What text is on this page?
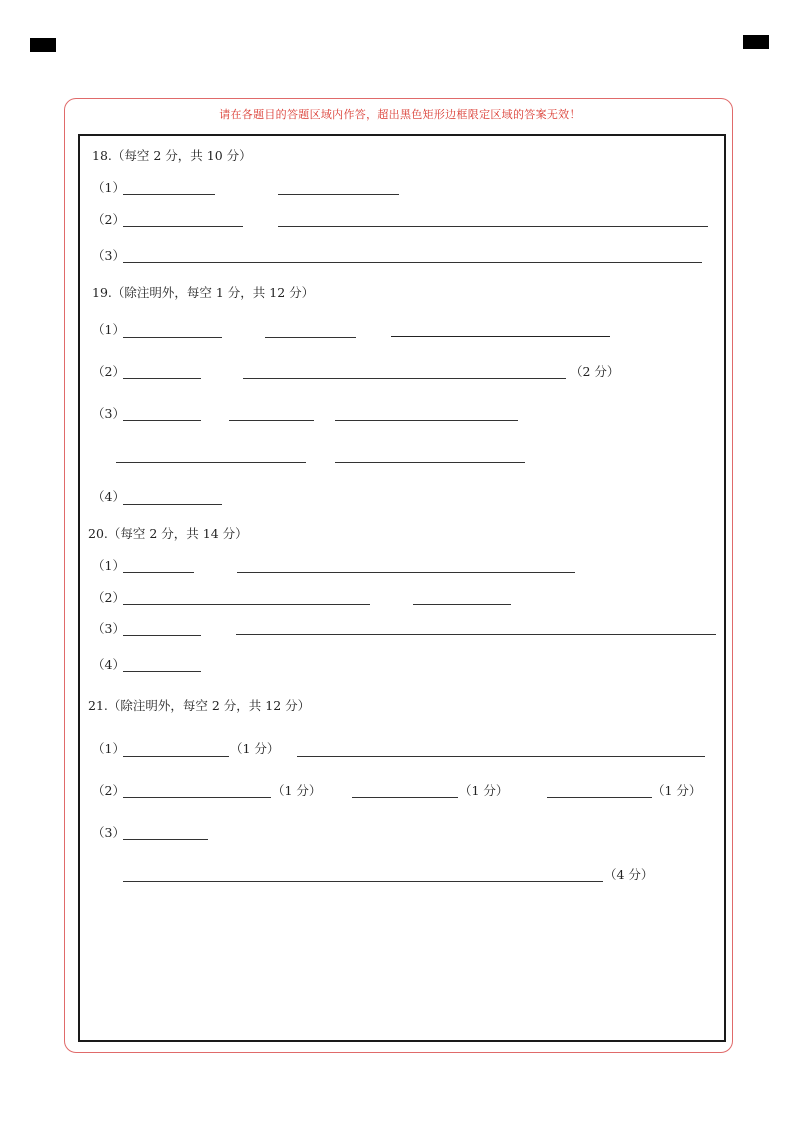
请在各题目的答题区域内作答，超出黑色矩形边框限定区域的答案无效！
18.（每空 2 分，共 10 分）
（1）
（2）
（3）
19.（除注明外，每空 1 分，共 12 分）
（1）
（2）	（2 分）
（3）
（4）
20.（每空 2 分，共 14 分）
（1）
（2）
（3）
（4）
21.（除注明外，每空 2 分，共 12 分）
（1）	（1 分）
（2）	（1 分）	（1 分）	（1 分）
（3）
（4 分）
